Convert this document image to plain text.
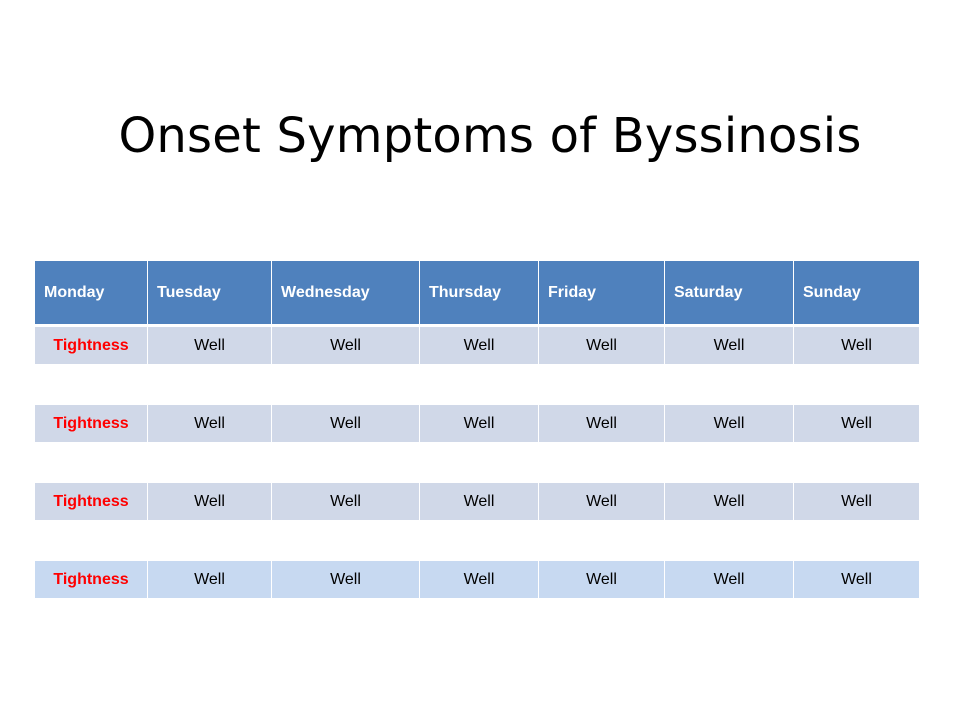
Onset Symptoms of Byssinosis
Monday	Tuesday	Wednesday	Thursday	Friday	Saturday	Sunday
Tightness	Well	Well	Well	Well	Well	Well
Tightness	Well	Well	Well	Well	Well	Well
Tightness	Well	Well	Well	Well	Well	Well
Tightness	Well	Well	Well	Well	Well	Well
